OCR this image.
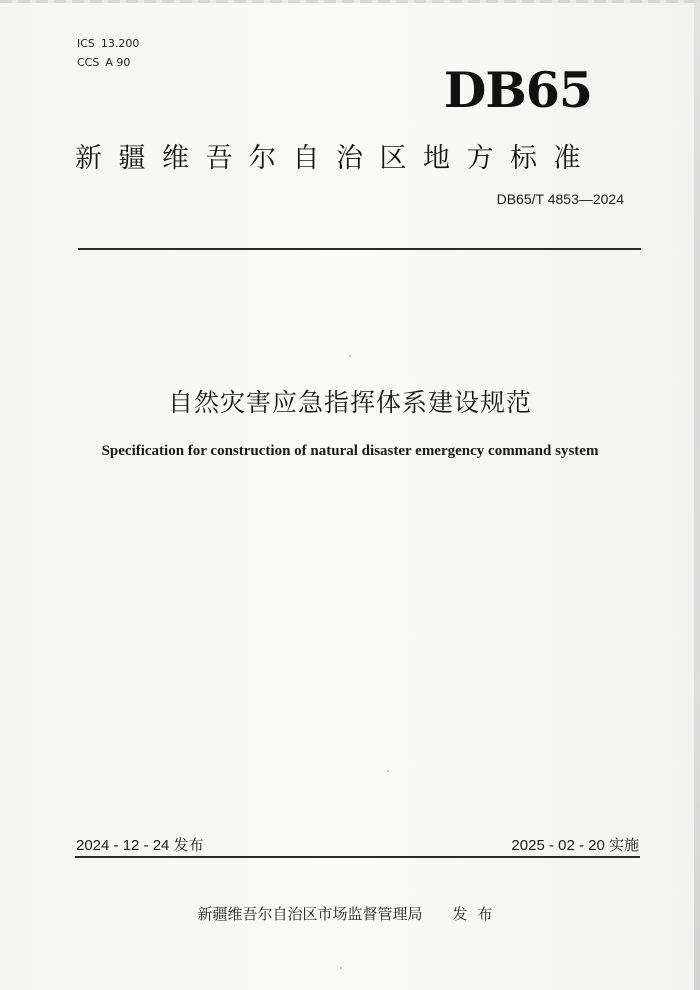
ICS 13.200
CCS A 90	DB65
新疆维吾尔自治区地方标准
DB65/T 4853—2024
自然灾害应急指挥体系建设规范
Specification for construction of natural disaster emergency command system
2024 - 12 - 24 发布	2025 - 02 - 20 实施
新疆维吾尔自治区市场监督管理局 发布
